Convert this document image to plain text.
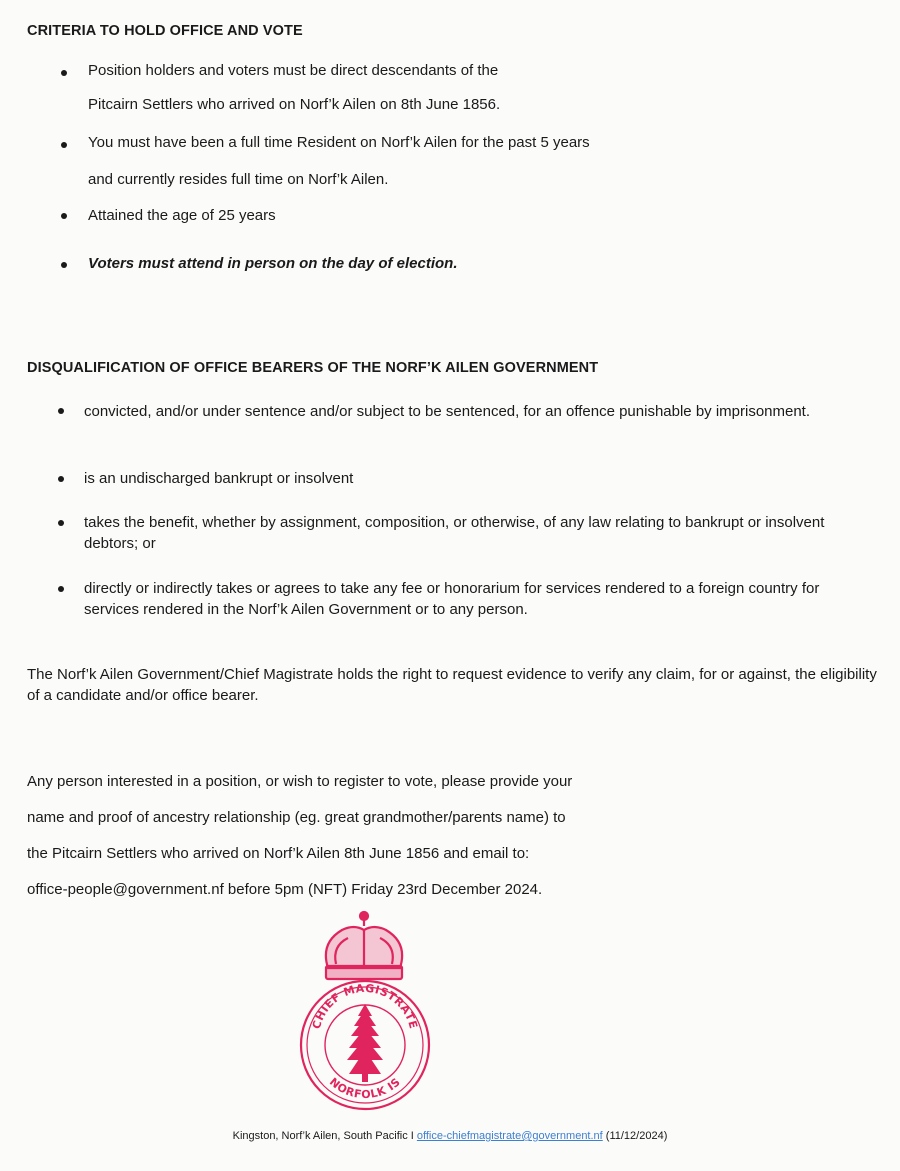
CRITERIA TO HOLD OFFICE AND VOTE

Position holders and voters must be direct descendants of the

Pitcairn Settlers who arrived on Norf’k Ailen on 8th June 1856.

You must have been a full time Resident on Norf’k Ailen for the past 5 years

and currently resides full time on Norf’k Ailen.

Attained the age of 25 years

Voters must attend in person on the day of election.

DISQUALIFICATION OF OFFICE BEARERS OF THE NORF’K AILEN GOVERNMENT

convicted, and/or under sentence and/or subject to be sentenced, for an offence punishable by imprisonment.

is an undischarged bankrupt or insolvent

takes the benefit, whether by assignment, composition, or otherwise, of any law relating to bankrupt or insolvent debtors; or

directly or indirectly takes or agrees to take any fee or honorarium for services rendered to a foreign country for services rendered in the Norf’k Ailen Government or to any person.

The Norf’k Ailen Government/Chief Magistrate holds the right to request evidence to verify any claim, for or against, the eligibility of a candidate and/or office bearer.

Any person interested in a position, or wish to register to vote, please provide your

name and proof of ancestry relationship (eg. great grandmother/parents name) to

the Pitcairn Settlers who arrived on Norf’k Ailen 8th June 1856 and email to:

office-people@government.nf before 5pm (NFT) Friday 23rd December 2024.

CHIEF MAGISTRATE
NORFOLK IS
Kingston, Norf’k Ailen, South Pacific I office-chiefmagistrate@government.nf (11/12/2024)
